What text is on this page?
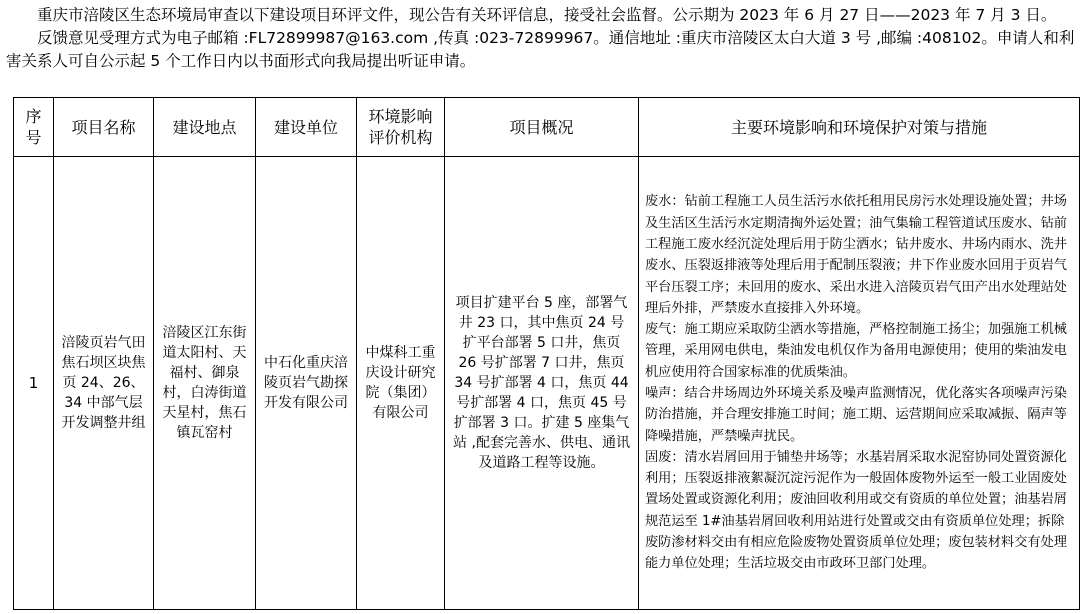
重庆市涪陵区生态环境局审查以下建设项目环评文件，现公告有关环评信息，接受社会监督。公示期为 2023 年 6 月 27 日——2023 年 7 月 3 日。

反馈意见受理方式为电子邮箱 :FL72899987@163.com ,传真 :023-72899967。通信地址 :重庆市涪陵区太白大道 3 号 ,邮编 :408102。申请人和利害关系人可自公示起 5 个工作日内以书面形式向我局提出听证申请。

序号	项目名称	建设地点	建设单位	环境影响评价机构	项目概况	主要环境影响和环境保护对策与措施
1	涪陵页岩气田焦石坝区块焦页 24、26、34 中部气层开发调整井组	涪陵区江东街道太阳村、天福村、御泉村，白涛街道天星村，焦石镇瓦窑村	中石化重庆涪陵页岩气勘探开发有限公司	中煤科工重庆设计研究院（集团）有限公司	项目扩建平台 5 座，部署气井 23 口，其中焦页 24 号扩平台部署 5 口井，焦页 26 号扩部署 7 口井，焦页 34 号扩部署 4 口，焦页 44 号扩部署 4 口，焦页 45 号扩部署 3 口。扩建 5 座集气站 ,配套完善水、供电、通讯及道路工程等设施。	废水：钻前工程施工人员生活污水依托租用民房污水处理设施处置；井场及生活区生活污水定期清掏外运处置；油气集输工程管道试压废水、钻前工程施工废水经沉淀处理后用于防尘洒水；钻井废水、井场内雨水、洗井废水、压裂返排液等处理后用于配制压裂液；井下作业废水回用于页岩气平台压裂工序；未回用的废水、采出水进入涪陵页岩气田产出水处理站处理后外排，严禁废水直接排入外环境。
废气：施工期应采取防尘洒水等措施，严格控制施工扬尘；加强施工机械管理，采用网电供电，柴油发电机仅作为备用电源使用；使用的柴油发电机应使用符合国家标准的优质柴油。
噪声：结合井场周边外环境关系及噪声监测情况，优化落实各项噪声污染防治措施，并合理安排施工时间；施工期、运营期间应采取减振、隔声等降噪措施，严禁噪声扰民。
固废：清水岩屑回用于铺垫井场等；水基岩屑采取水泥窑协同处置资源化利用；压裂返排液絮凝沉淀污泥作为一般固体废物外运至一般工业固废处置场处置或资源化利用；废油回收利用或交有资质的单位处置；油基岩屑规范运至 1#油基岩屑回收利用站进行处置或交由有资质单位处理；拆除废防渗材料交由有相应危险废物处置资质单位处理；废包装材料交有处理能力单位处理；生活垃圾交由市政环卫部门处理。
